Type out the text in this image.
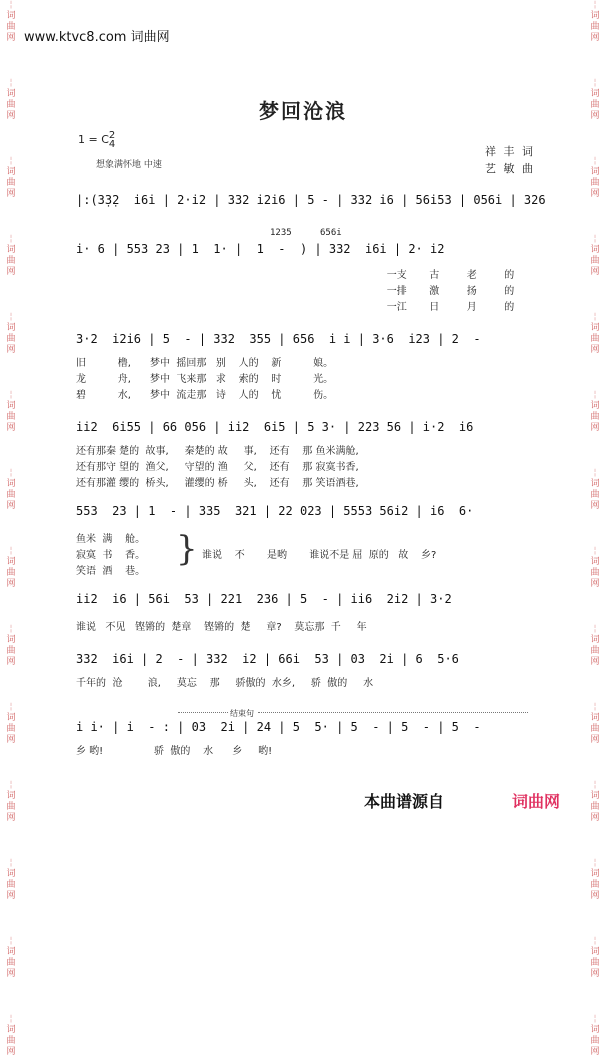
¦
词
曲
网
¦
词
曲
网
¦
词
曲
网
¦
词
曲
网
¦
词
曲
网
¦
词
曲
网
¦
词
曲
网
¦
词
曲
网
¦
词
曲
网
¦
词
曲
网
¦
词
曲
网
¦
词
曲
网
¦
词
曲
网
¦
词
曲
网
¦
词
曲
网
¦
词
曲
网
¦
词
曲
网
¦
词
曲
网
¦
词
曲
网
¦
词
曲
网
¦
词
曲
网
¦
词
曲
网
¦
词
曲
网
¦
词
曲
网
¦
词
曲
网
¦
词
曲
网
¦
词
曲
网
¦
词
曲
网
www.ktvc8.com 词曲网
梦回沧浪
1 = C2
4
想象满怀地 中速
祥 丰 词
艺 敏 曲
|:(3̣3̣2  i6i | 2·i2 | 332 i2i6 | 5 - | 332 i6 | 56i53 | 056i | 326
1235	656i
i· 6 | 553 23 | 1  1· |  1  -  ) | 332  i6i | 2· i2
一支	古	老	的
一排	激	扬	的
一江	日	月	的
3·2  i2i6 | 5  - | 332  355 | 656  i i | 3·6  i23 | 2  -
旧          橹,      梦中  摇回那   别    人的    新          娘。
龙          舟,      梦中  飞来那   求    索的    时          光。
碧          水,      梦中  流走那   诗    人的    忧          伤。
ii2  6i55 | 66 056 | ii2  6i5 | 5 3· | 223 56 | i·2  i6
还有那秦 楚的  故事,     秦楚的 故     事,    还有    那 鱼米满舱,
还有那守 望的  渔父,     守望的 渔     父,    还有    那 寂寞书香,
还有那灌 缨的  桥头,     灌缨的 桥     头,    还有    那 笑语酒巷,
553  23 | 1  - | 335  321 | 22 023 | 5553 56i2 | i6  6·
鱼米  满    舱。
寂寞  书    香。
笑语  酒    巷。
谁说    不       是哟       谁说不是 屈  原的   故    乡?
}
ii2  i6 | 56i  53 | 221  236 | 5  - | ii6  2i2 | 3·2
谁说   不见   铿锵的  楚章    铿锵的  楚     章?    莫忘那  千     年
332  i6i | 2  - | 332  i2 | 66i  53 | 03  2i | 6  5·6
千年的  沧        浪,     莫忘    那     骄傲的  水乡,     骄  傲的     水
结束句
i i· | i  - : | 03  2i | 24 | 5  5· | 5  - | 5  - | 5  -
乡 哟!                骄  傲的    水      乡     哟!
本曲谱源自	词曲网
